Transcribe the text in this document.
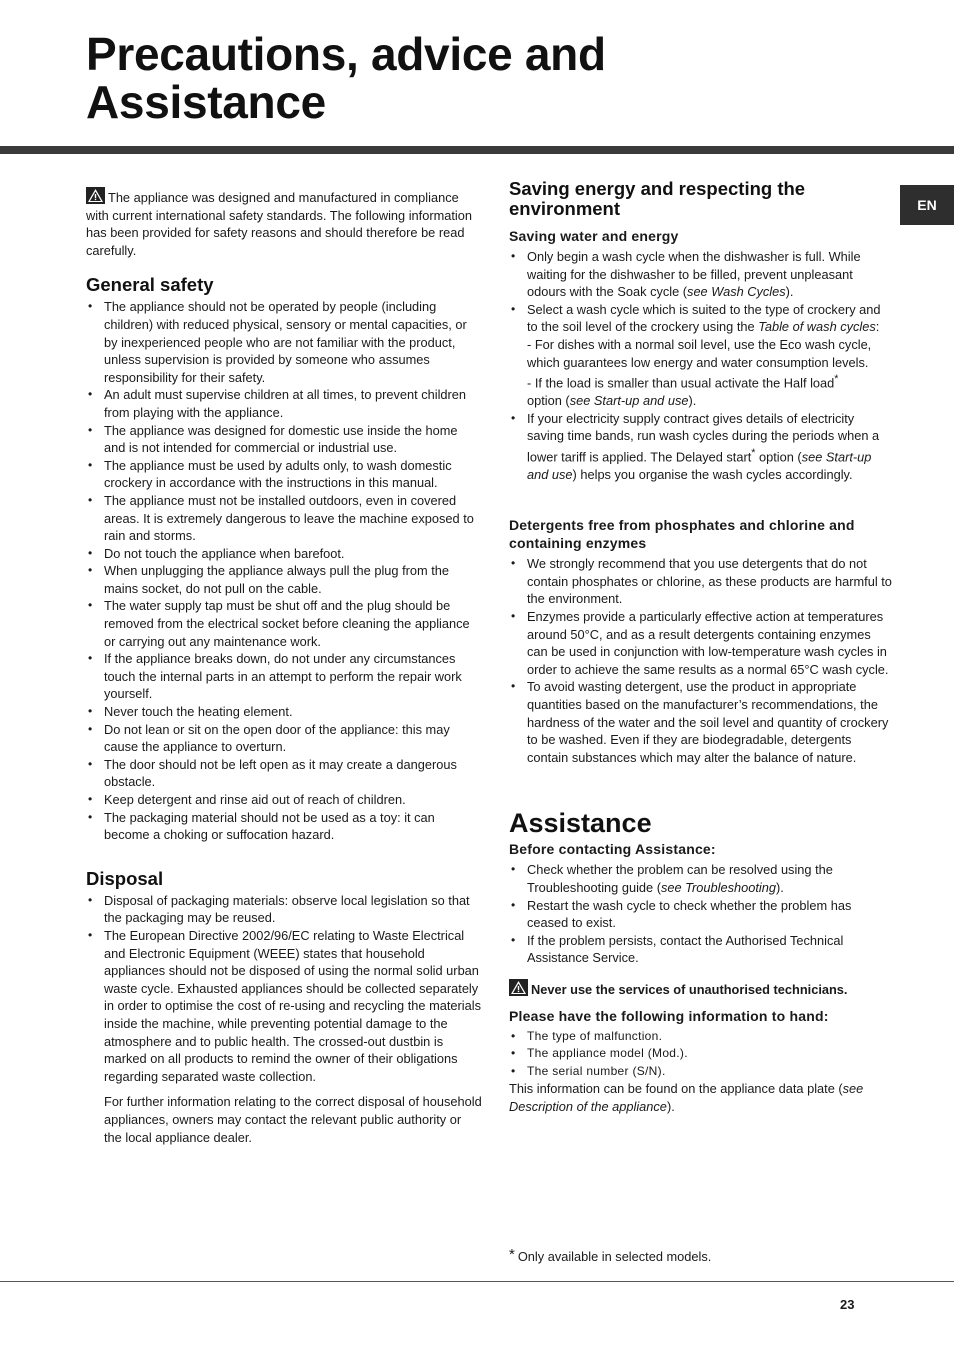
Precautions, advice and Assistance
EN

The appliance was designed and manufactured in compliance with current international safety standards. The following information has been provided for safety reasons and should therefore be read carefully.

General safety
• The appliance should not be operated by people (including children) with reduced physical, sensory or mental capacities, or by inexperienced people who are not familiar with the product, unless supervision is provided by someone who assumes responsibility for their safety.
• An adult must supervise children at all times, to prevent children from playing with the appliance.
• The appliance was designed for domestic use inside the home and is not intended for commercial or industrial use.
• The appliance must be used by adults only, to wash domestic crockery in accordance with the instructions in this manual.
• The appliance must not be installed outdoors, even in covered areas. It is extremely dangerous to leave the machine exposed to rain and storms.
• Do not touch the appliance when barefoot.
• When unplugging the appliance always pull the plug from the mains socket, do not pull on the cable.
• The water supply tap must be shut off and the plug should be removed from the electrical socket before cleaning the appliance or carrying out any maintenance work.
• If the appliance breaks down, do not under any circumstances touch the internal parts in an attempt to perform the repair work yourself.
• Never touch the heating element.
• Do not lean or sit on the open door of the appliance: this may cause the appliance to overturn.
• The door should not be left open as it may create a dangerous obstacle.
• Keep detergent and rinse aid out of reach of children.
• The packaging material should not be used as a toy: it can become a choking or suffocation hazard.
Disposal
• Disposal of packaging materials: observe local legislation so that the packaging may be reused.
• The European Directive 2002/96/EC relating to Waste Electrical and Electronic Equipment (WEEE) states that household appliances should not be disposed of using the normal solid urban waste cycle. Exhausted appliances should be collected separately in order to optimise the cost of re-using and recycling the materials inside the machine, while preventing potential damage to the atmosphere and to public health. The crossed-out dustbin is marked on all products to remind the owner of their obligations regarding separated waste collection.

For further information relating to the correct disposal of household appliances, owners may contact the relevant public authority or the local appliance dealer.

Saving energy and respecting the environment
Saving water and energy
• Only begin a wash cycle when the dishwasher is full. While waiting for the dishwasher to be filled, prevent unpleasant odours with the Soak cycle (see Wash Cycles).
• Select a wash cycle which is suited to the type of crockery and to the soil level of the crockery using the Table of wash cycles:

- For dishes with a normal soil level, use the Eco wash cycle, which guarantees low energy and water consumption levels.

- If the load is smaller than usual activate the Half load*
option (see Start-up and use).

• If your electricity supply contract gives details of electricity saving time bands, run wash cycles during the periods when a lower tariff is applied. The Delayed start* option (see Start-up and use) helps you organise the wash cycles accordingly.
Detergents free from phosphates and chlorine and containing enzymes
• We strongly recommend that you use detergents that do not contain phosphates or chlorine, as these products are harmful to the environment.
• Enzymes provide a particularly effective action at temperatures around 50°C, and as a result detergents containing enzymes can be used in conjunction with low-temperature wash cycles in order to achieve the same results as a normal 65°C wash cycle.
• To avoid wasting detergent, use the product in appropriate quantities based on the manufacturer’s recommendations, the hardness of the water and the soil level and quantity of crockery to be washed. Even if they are biodegradable, detergents contain substances which may alter the balance of nature.
Assistance
Before contacting Assistance:
• Check whether the problem can be resolved using the Troubleshooting guide (see Troubleshooting).
• Restart the wash cycle to check whether the problem has ceased to exist.
• If the problem persists, contact the Authorised Technical Assistance Service.

Never use the services of unauthorised technicians.

Please have the following information to hand:
• The type of malfunction.
• The appliance model (Mod.).
• The serial number (S/N).

This information can be found on the appliance data plate (see Description of the appliance).

* Only available in selected models.

23
